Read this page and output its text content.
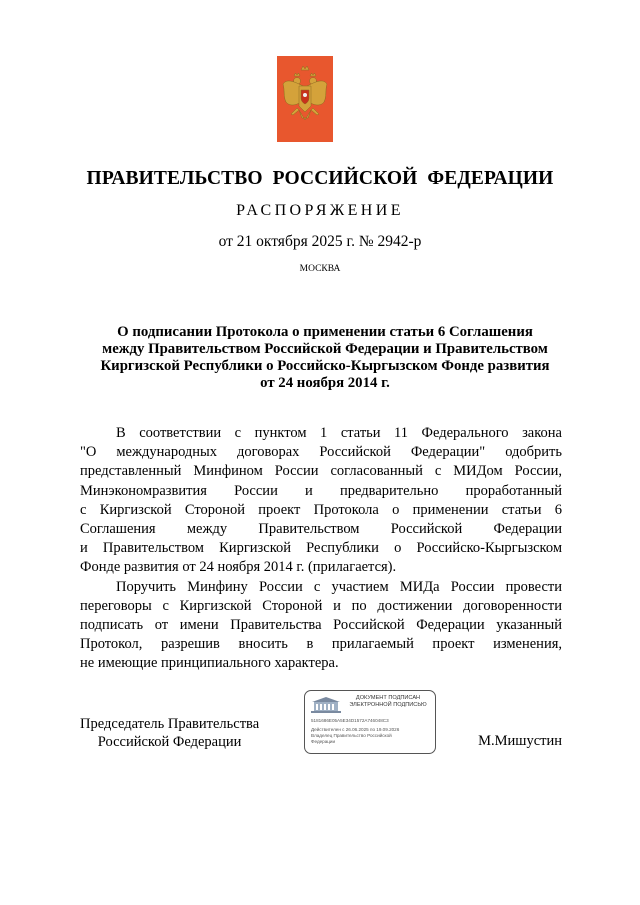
ПРАВИТЕЛЬСТВО РОССИЙСКОЙ ФЕДЕРАЦИИ
РАСПОРЯЖЕНИЕ
от 21 октября 2025 г. № 2942-р
МОСКВА
О подписании Протокола о применении статьи 6 Соглашения
между Правительством Российской Федерации и Правительством
Киргизской Республики о Российско-Кыргызском Фонде развития
от 24 ноября 2014 г.
В соответствии с пунктом 1 статьи 11 Федерального закона
"О международных договорах Российской Федерации" одобрить
представленный Минфином России согласованный с МИДом России,
Минэкономразвития России и предварительно проработанный
с Киргизской Стороной проект Протокола о применении статьи 6
Соглашения между Правительством Российской Федерации
и Правительством Киргизской Республики о Российско-Кыргызском
Фонде развития от 24 ноября 2014 г. (прилагается).
Поручить Минфину России с участием МИДа России провести
переговоры с Киргизской Стороной и по достижении договоренности
подписать от имени Правительства Российской Федерации указанный
Протокол, разрешив вносить в прилагаемый проект изменения,
не имеющие принципиального характера.
Председатель Правительства
Российской Федерации
ДОКУМЕНТ ПОДПИСАН
ЭЛЕКТРОННОЙ ПОДПИСЬЮ
5181686E05A5E34D1572A746048C3
Действителен с 26.06.2025 по 19.09.2026
Владелец Правительство Российской
Федерации	М.Мишустин
